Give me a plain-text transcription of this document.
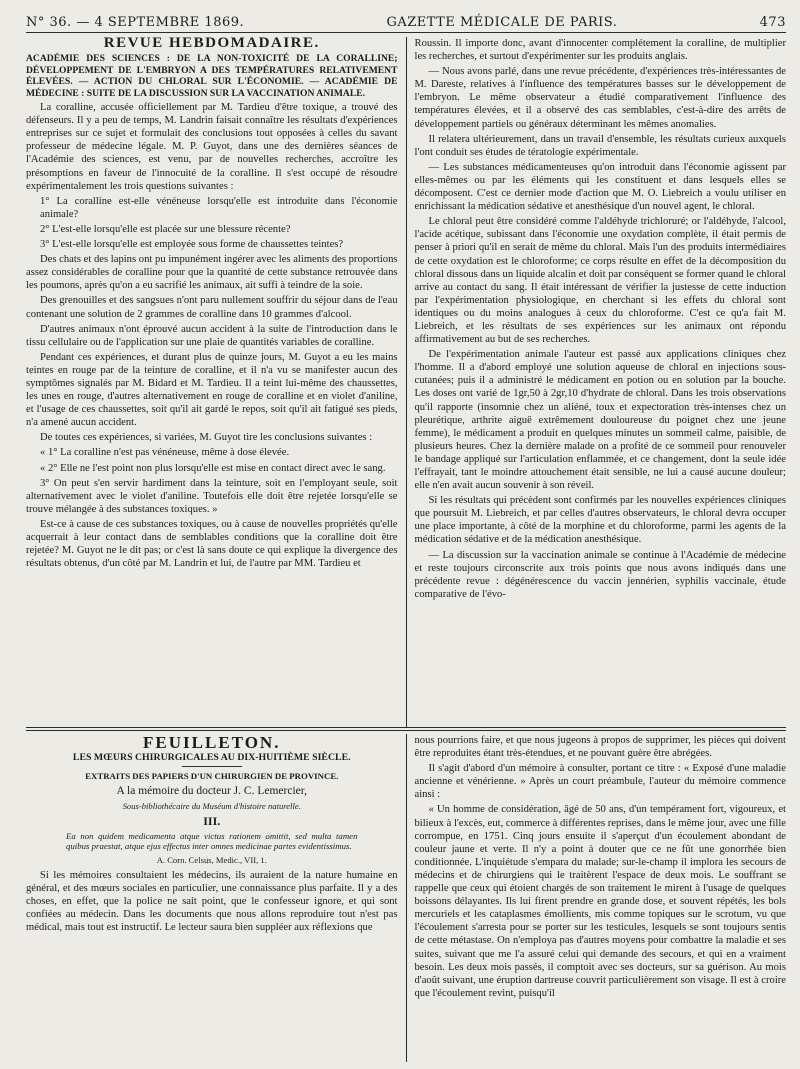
N° 36. — 4 SEPTEMBRE 1869.	GAZETTE MÉDICALE DE PARIS.	473
REVUE HEBDOMADAIRE.

ACADÉMIE DES SCIENCES : DE LA NON-TOXICITÉ DE LA CORALLINE; DÉVELOPPEMENT DE L'EMBRYON A DES TEMPÉRATURES RELATIVEMENT ÉLEVÉES. — ACTION DU CHLORAL SUR L'ÉCONOMIE. — ACADÉMIE DE MÉDECINE : SUITE DE LA DISCUSSION SUR LA VACCINATION ANIMALE.

La coralline, accusée officiellement par M. Tardieu d'être toxique, a trouvé des défenseurs. Il y a peu de temps, M. Landrin faisait connaître les résultats d'expériences entreprises sur ce sujet et formulait des conclusions tout opposées à celles du savant professeur de médecine légale. M. P. Guyot, dans une des dernières séances de l'Académie des sciences, est venu, par de nouvelles recherches, accroître les présomptions en faveur de l'innocuité de la coralline. Il s'est occupé de résoudre expérimentalement les trois questions suivantes :

1° La coralline est-elle vénéneuse lorsqu'elle est introduite dans l'économie animale?

2° L'est-elle lorsqu'elle est placée sur une blessure récente?

3° L'est-elle lorsqu'elle est employée sous forme de chaussettes teintes?

Des chats et des lapins ont pu impunément ingérer avec les aliments des proportions assez considérables de coralline pour que la quantité de cette substance retrouvée dans les poumons, après qu'on a eu sacrifié les animaux, ait suffi à teindre de la soie.

Des grenouilles et des sangsues n'ont paru nullement souffrir du séjour dans de l'eau contenant une solution de 2 grammes de coralline dans 10 grammes d'alcool.

D'autres animaux n'ont éprouvé aucun accident à la suite de l'introduction dans le tissu cellulaire ou de l'application sur une plaie de quantités variables de coralline.

Pendant ces expériences, et durant plus de quinze jours, M. Guyot a eu les mains teintes en rouge par de la teinture de coralline, et il n'a vu se manifester aucun des symptômes signalés par M. Bidard et M. Tardieu. Il a teint lui-même des chaussettes, les unes en rouge, d'autres alternativement en rouge de coralline et en violet d'aniline, et l'usage de ces chaussettes, soit qu'il ait gardé le repos, soit qu'il ait fatigué ses pieds, n'a amené aucun accident.

De toutes ces expériences, si variées, M. Guyot tire les conclusions suivantes :

« 1° La coralline n'est pas vénéneuse, même à dose élevée.

« 2° Elle ne l'est point non plus lorsqu'elle est mise en contact direct avec le sang.

3° On peut s'en servir hardiment dans la teinture, soit en l'employant seule, soit alternativement avec le violet d'aniline. Toutefois elle doit être rejetée lorsqu'elle se trouve mélangée à des substances toxiques. »

Est-ce à cause de ces substances toxiques, ou à cause de nouvelles propriétés qu'elle acquerrait à leur contact dans de semblables conditions que la coralline doit être rejetée? M. Guyot ne le dit pas; or c'est là sans doute ce qui explique la divergence des résultats obtenus, d'un côté par M. Landrin et lui, de l'autre par MM. Tardieu et

Roussin. Il importe donc, avant d'innocenter complétement la coralline, de multiplier les recherches, et surtout d'expérimenter sur les produits anglais.

— Nous avons parlé, dans une revue précédente, d'expériences très-intéressantes de M. Dareste, relatives à l'influence des températures basses sur le développement de l'embryon. Le même observateur a étudié comparativement l'influence des températures élevées, et il a observé des cas semblables, c'est-à-dire des arrêts de développement partiels ou généraux déterminant les mêmes anomalies.

Il relatera ultérieurement, dans un travail d'ensemble, les résultats curieux auxquels l'ont conduit ses études de tératologie expérimentale.

— Les substances médicamenteuses qu'on introduit dans l'économie agissent par elles-mêmes ou par les éléments qui les constituent et dans lesquels elles se décomposent. C'est ce dernier mode d'action que M. O. Liebreich a voulu utiliser en enrichissant la médication sédative et anesthésique d'un nouvel agent, le chloral.

Le chloral peut être considéré comme l'aldéhyde trichloruré; or l'aldéhyde, l'alcool, l'acide acétique, subissant dans l'économie une oxydation complète, il était permis de penser à priori qu'il en serait de même du chloral. Mais l'un des produits intermédiaires de cette oxydation est le chloroforme; ce corps résulte en effet de la décomposition du chloral dissous dans un liquide alcalin et doit par conséquent se former quand le chloral arrive au contact du sang. Il était intéressant de vérifier la justesse de cette induction par l'expérimentation physiologique, en cherchant si les effets du chloral sont identiques ou du moins analogues à ceux du chloroforme. C'est ce qu'a fait M. Liebreich, et les résultats de ses expériences sur les animaux ont répondu affirmativement au but de ses recherches.

De l'expérimentation animale l'auteur est passé aux applications cliniques chez l'homme. Il a d'abord employé une solution aqueuse de chloral en injections sous-cutanées; puis il a administré le médicament en potion ou en solution par la bouche. Les doses ont varié de 1gr,50 à 2gr,10 d'hydrate de chloral. Dans les trois observations qu'il rapporte (insomnie chez un aliéné, toux et expectoration très-intenses chez un pleurétique, arthrite aiguë extrêmement douloureuse du poignet chez une jeune femme), le médicament a produit en quelques minutes un sommeil calme, paisible, de plusieurs heures. Chez la dernière malade on a profité de ce sommeil pour renouveler le bandage appliqué sur l'articulation enflammée, et ce changement, dont la seule idée l'effrayait, tant le moindre attouchement était sensible, ne lui a causé aucune douleur; elle n'en avait aucun souvenir à son réveil.

Si les résultats qui précèdent sont confirmés par les nouvelles expériences cliniques que poursuit M. Liebreich, et par celles d'autres observateurs, le chloral devra occuper une place importante, à côté de la morphine et du chloroforme, parmi les agents de la médication sédative et de la médication anesthésique.

— La discussion sur la vaccination animale se continue à l'Académie de médecine et reste toujours circonscrite aux trois points que nous avons indiqués dans une précédente revue : dégénérescence du vaccin jennérien, syphilis vaccinale, étude comparative de l'évo-

FEUILLETON.

LES MŒURS CHIRURGICALES AU DIX-HUITIÈME SIÈCLE.

EXTRAITS DES PAPIERS D'UN CHIRURGIEN DE PROVINCE.

A la mémoire du docteur J. C. Lemercier,

Sous-bibliothécaire du Muséum d'histoire naturelle.

III.

Ea non quidem medicamenta atque victus rationem omittit, sed multa tamen quibus praestat, atque ejus effectus inter omnes medicinae partes evidentissimus.

A. Corn. Celsus, Medic., VII, 1.

Si les mémoires consultaient les médecins, ils auraient de la nature humaine en général, et des mœurs sociales en particulier, une connaissance plus parfaite. Il y a des choses, en effet, que la police ne sait point, que le confesseur ignore, et qui sont confiées au médecin. Dans les documents que nous allons reproduire tout n'est pas médical, mais tout est instructif. Le lecteur saura bien suppléer aux réflexions que

nous pourrions faire, et que nous jugeons à propos de supprimer, les pièces qui doivent être reproduites étant très-étendues, et ne pouvant guère être abrégées.

Il s'agit d'abord d'un mémoire à consulter, portant ce titre : « Exposé d'une maladie ancienne et vénérienne. » Après un court préambule, l'auteur du mémoire commence ainsi :

« Un homme de considération, âgé de 50 ans, d'un tempérament fort, vigoureux, et bilieux à l'excès, eut, commerce à différentes reprises, dans le même jour, avec une fille corrompue, en 1751. Cinq jours ensuite il s'aperçut d'un écoulement abondant de couleur jaune et verte. Il n'y a point à douter que ce ne fût une gonorrhée bien conditionnée. L'inquiétude s'empara du malade; sur-le-champ il implora les secours de médecins et de chirurgiens qui le traitèrent l'espace de deux mois. Le souffrant se rappelle que ceux qui étoient chargés de son traitement le mirent à l'usage de quelques boissons délayantes. Ils lui firent prendre en grande dose, et souvent répétés, les bols mercuriels et les cataplasmes émollients, mis comme topiques sur le scrotum, vu que l'écoulement s'arresta pour se porter sur les testicules, lesquels se sont toujours sentis de cette métastase. On n'employa pas d'autres moyens pour combattre la maladie et ses suites, suivant que me l'a assuré celui qui demande des secours, et qui en a vraiment besoin. Les deux mois passés, il comptoit avec ses docteurs, sur sa guérison. Au mois d'août suivant, une éruption dartreuse couvrit particulièrement son visage. Il est à croire que l'écoulement revint, puisqu'il
